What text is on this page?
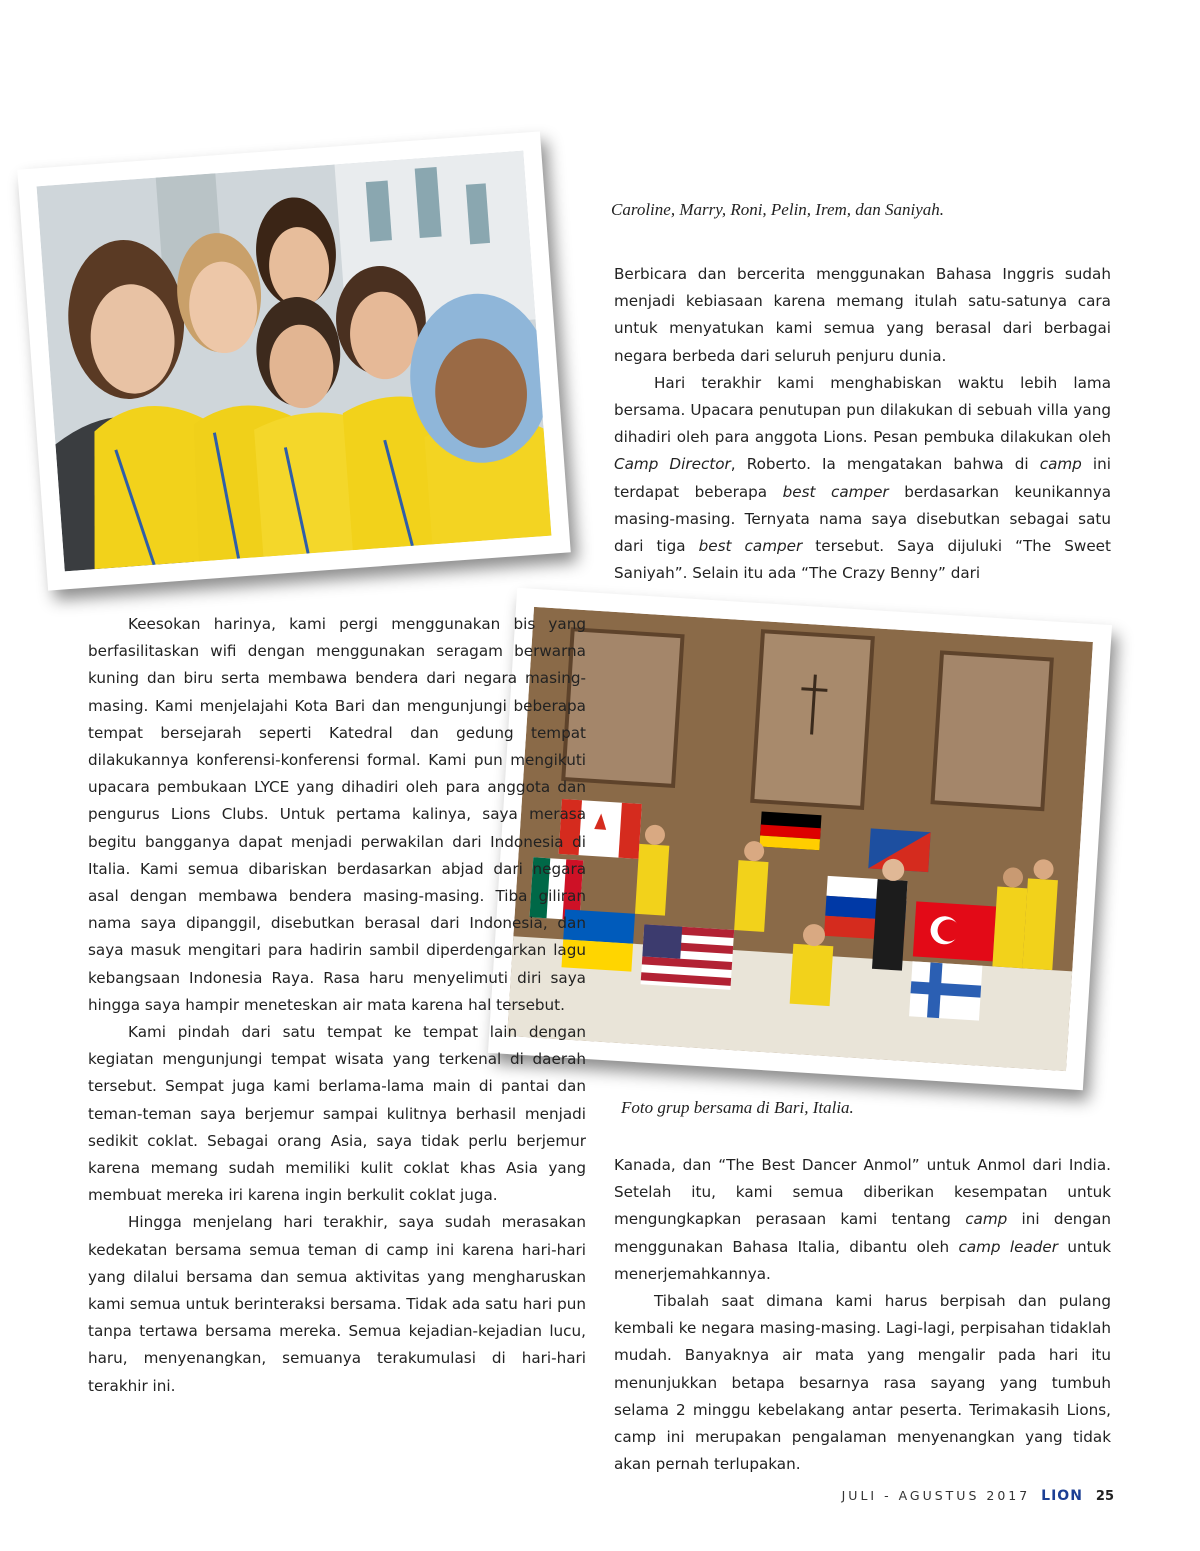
Caroline, Marry, Roni, Pelin, Irem, dan Saniyah.

Berbicara dan bercerita menggunakan Bahasa Inggris sudah menjadi kebiasaan karena memang itulah satu-satunya cara untuk menyatukan kami semua yang berasal dari berbagai negara berbeda dari seluruh penjuru dunia.

Hari terakhir kami menghabiskan waktu lebih lama bersama. Upacara penutupan pun dilakukan di sebuah villa yang dihadiri oleh para anggota Lions. Pesan pembuka dilakukan oleh Camp Director, Roberto. Ia mengatakan bahwa di camp ini terdapat beberapa best camper berdasarkan keunikannya masing-masing. Ternyata nama saya disebutkan sebagai satu dari tiga best camper tersebut. Saya dijuluki “The Sweet Saniyah”. Selain itu ada “The Crazy Benny” dari

Keesokan harinya, kami pergi menggunakan bis yang berfasilitaskan wifi dengan menggunakan seragam berwarna kuning dan biru serta membawa bendera dari negara masing-masing. Kami menjelajahi Kota Bari dan mengunjungi beberapa tempat bersejarah seperti Katedral dan gedung tempat dilakukannya konferensi-konferensi formal. Kami pun mengikuti upacara pembukaan LYCE yang dihadiri oleh para anggota dan pengurus Lions Clubs. Untuk pertama kalinya, saya merasa begitu bangganya dapat menjadi perwakilan dari Indonesia di Italia. Kami semua dibariskan berdasarkan abjad dari negara asal dengan membawa bendera masing-masing. Tiba giliran nama saya dipanggil, disebutkan berasal dari Indonesia, dan saya masuk mengitari para hadirin sambil diperdengarkan lagu kebangsaan Indonesia Raya. Rasa haru menyelimuti diri saya hingga saya hampir meneteskan air mata karena hal tersebut.

Kami pindah dari satu tempat ke tempat lain dengan kegiatan mengunjungi tempat wisata yang terkenal di daerah tersebut. Sempat juga kami berlama-lama main di pantai dan teman-teman saya berjemur sampai kulitnya berhasil menjadi sedikit coklat. Sebagai orang Asia, saya tidak perlu berjemur karena memang sudah memiliki kulit coklat khas Asia yang membuat mereka iri karena ingin berkulit coklat juga.

Hingga menjelang hari terakhir, saya sudah merasakan kedekatan bersama semua teman di camp ini karena hari-hari yang dilalui bersama dan semua aktivitas yang mengharuskan kami semua untuk berinteraksi bersama. Tidak ada satu hari pun tanpa tertawa bersama mereka. Semua kejadian-kejadian lucu, haru, menyenangkan, semuanya terakumulasi di hari-hari terakhir ini.

Foto grup bersama di Bari, Italia.

Kanada, dan “The Best Dancer Anmol” untuk Anmol dari India. Setelah itu, kami semua diberikan kesempatan untuk mengungkapkan perasaan kami tentang camp ini dengan menggunakan Bahasa Italia, dibantu oleh camp leader untuk menerjemahkannya.

Tibalah saat dimana kami harus berpisah dan pulang kembali ke negara masing-masing. Lagi-lagi, perpisahan tidaklah mudah. Banyaknya air mata yang mengalir pada hari itu menunjukkan betapa besarnya rasa sayang yang tumbuh selama 2 minggu kebelakang antar peserta. Terimakasih Lions, camp ini merupakan pengalaman menyenangkan yang tidak akan pernah terlupakan.

JULI - AGUSTUS 2017 LION 25
